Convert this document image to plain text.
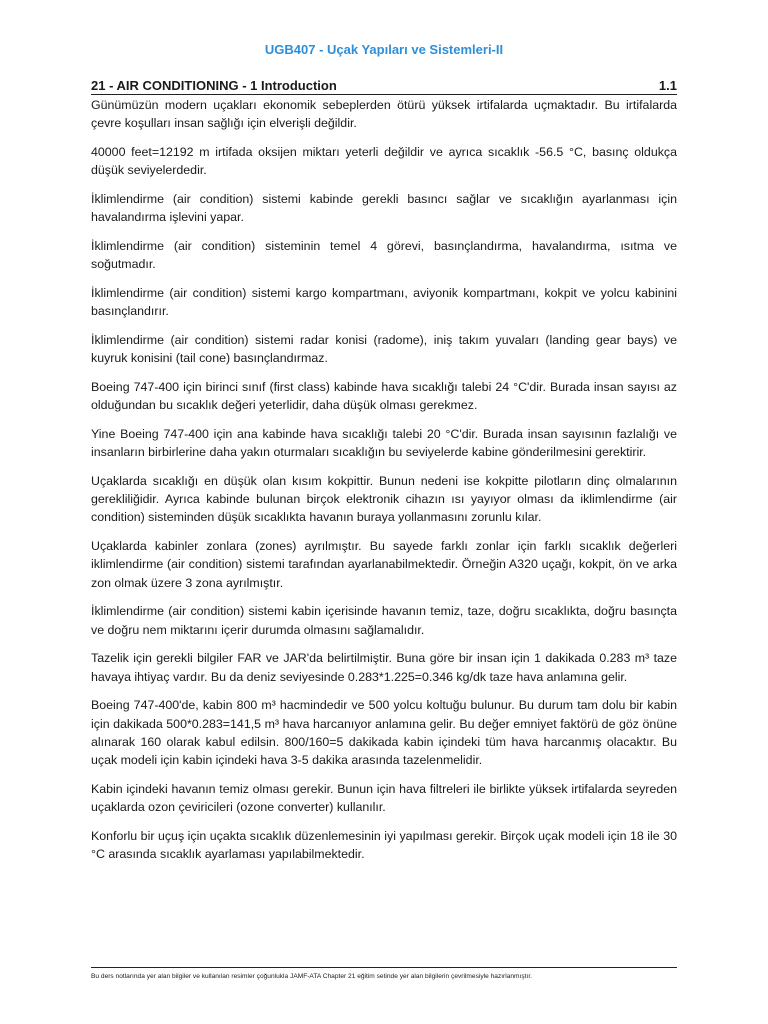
UGB407 - Uçak Yapıları ve Sistemleri-II
21 - AIR CONDITIONING - 1 Introduction	1.1

Günümüzün modern uçakları ekonomik sebeplerden ötürü yüksek irtifalarda uçmaktadır. Bu irtifalarda çevre koşulları insan sağlığı için elverişli değildir.

40000 feet=12192 m irtifada oksijen miktarı yeterli değildir ve ayrıca sıcaklık -56.5 °C, basınç oldukça düşük seviyelerdedir.

İklimlendirme (air condition) sistemi kabinde gerekli basıncı sağlar ve sıcaklığın ayarlanması için havalandırma işlevini yapar.

İklimlendirme (air condition) sisteminin temel 4 görevi, basınçlandırma, havalandırma, ısıtma ve soğutmadır.

İklimlendirme (air condition) sistemi kargo kompartmanı, aviyonik kompartmanı, kokpit ve yolcu kabinini basınçlandırır.

İklimlendirme (air condition) sistemi radar konisi (radome), iniş takım yuvaları (landing gear bays) ve kuyruk konisini (tail cone) basınçlandırmaz.

Boeing 747-400 için birinci sınıf (first class) kabinde hava sıcaklığı talebi 24 °C'dir. Burada insan sayısı az olduğundan bu sıcaklık değeri yeterlidir, daha düşük olması gerekmez.

Yine Boeing 747-400 için ana kabinde hava sıcaklığı talebi 20 °C'dir. Burada insan sayısının fazlalığı ve insanların birbirlerine daha yakın oturmaları sıcaklığın bu seviyelerde kabine gönderilmesini gerektirir.

Uçaklarda sıcaklığı en düşük olan kısım kokpittir. Bunun nedeni ise kokpitte pilotların dinç olmalarının gerekliliğidir. Ayrıca kabinde bulunan birçok elektronik cihazın ısı yayıyor olması da iklimlendirme (air condition) sisteminden düşük sıcaklıkta havanın buraya yollanmasını zorunlu kılar.

Uçaklarda kabinler zonlara (zones) ayrılmıştır. Bu sayede farklı zonlar için farklı sıcaklık değerleri iklimlendirme (air condition) sistemi tarafından ayarlanabilmektedir. Örneğin A320 uçağı, kokpit, ön ve arka zon olmak üzere 3 zona ayrılmıştır.

İklimlendirme (air condition) sistemi kabin içerisinde havanın temiz, taze, doğru sıcaklıkta, doğru basınçta ve doğru nem miktarını içerir durumda olmasını sağlamalıdır.

Tazelik için gerekli bilgiler FAR ve JAR'da belirtilmiştir. Buna göre bir insan için 1 dakikada 0.283 m³ taze havaya ihtiyaç vardır. Bu da deniz seviyesinde 0.283*1.225=0.346 kg/dk taze hava anlamına gelir.

Boeing 747-400'de, kabin 800 m³ hacmindedir ve 500 yolcu koltuğu bulunur. Bu durum tam dolu bir kabin için dakikada 500*0.283=141,5 m³ hava harcanıyor anlamına gelir. Bu değer emniyet faktörü de göz önüne alınarak 160 olarak kabul edilsin. 800/160=5 dakikada kabin içindeki tüm hava harcanmış olacaktır. Bu uçak modeli için kabin içindeki hava 3-5 dakika arasında tazelenmelidir.

Kabin içindeki havanın temiz olması gerekir. Bunun için hava filtreleri ile birlikte yüksek irtifalarda seyreden uçaklarda ozon çeviricileri (ozone converter) kullanılır.

Konforlu bir uçuş için uçakta sıcaklık düzenlemesinin iyi yapılması gerekir. Birçok uçak modeli için 18 ile 30 °C arasında sıcaklık ayarlaması yapılabilmektedir.

Bu ders notlarında yer alan bilgiler ve kullanılan resimler çoğunlukla JAMF-ATA Chapter 21 eğitim setinde yer alan bilgilerin çevrilmesiyle hazırlanmıştır.
